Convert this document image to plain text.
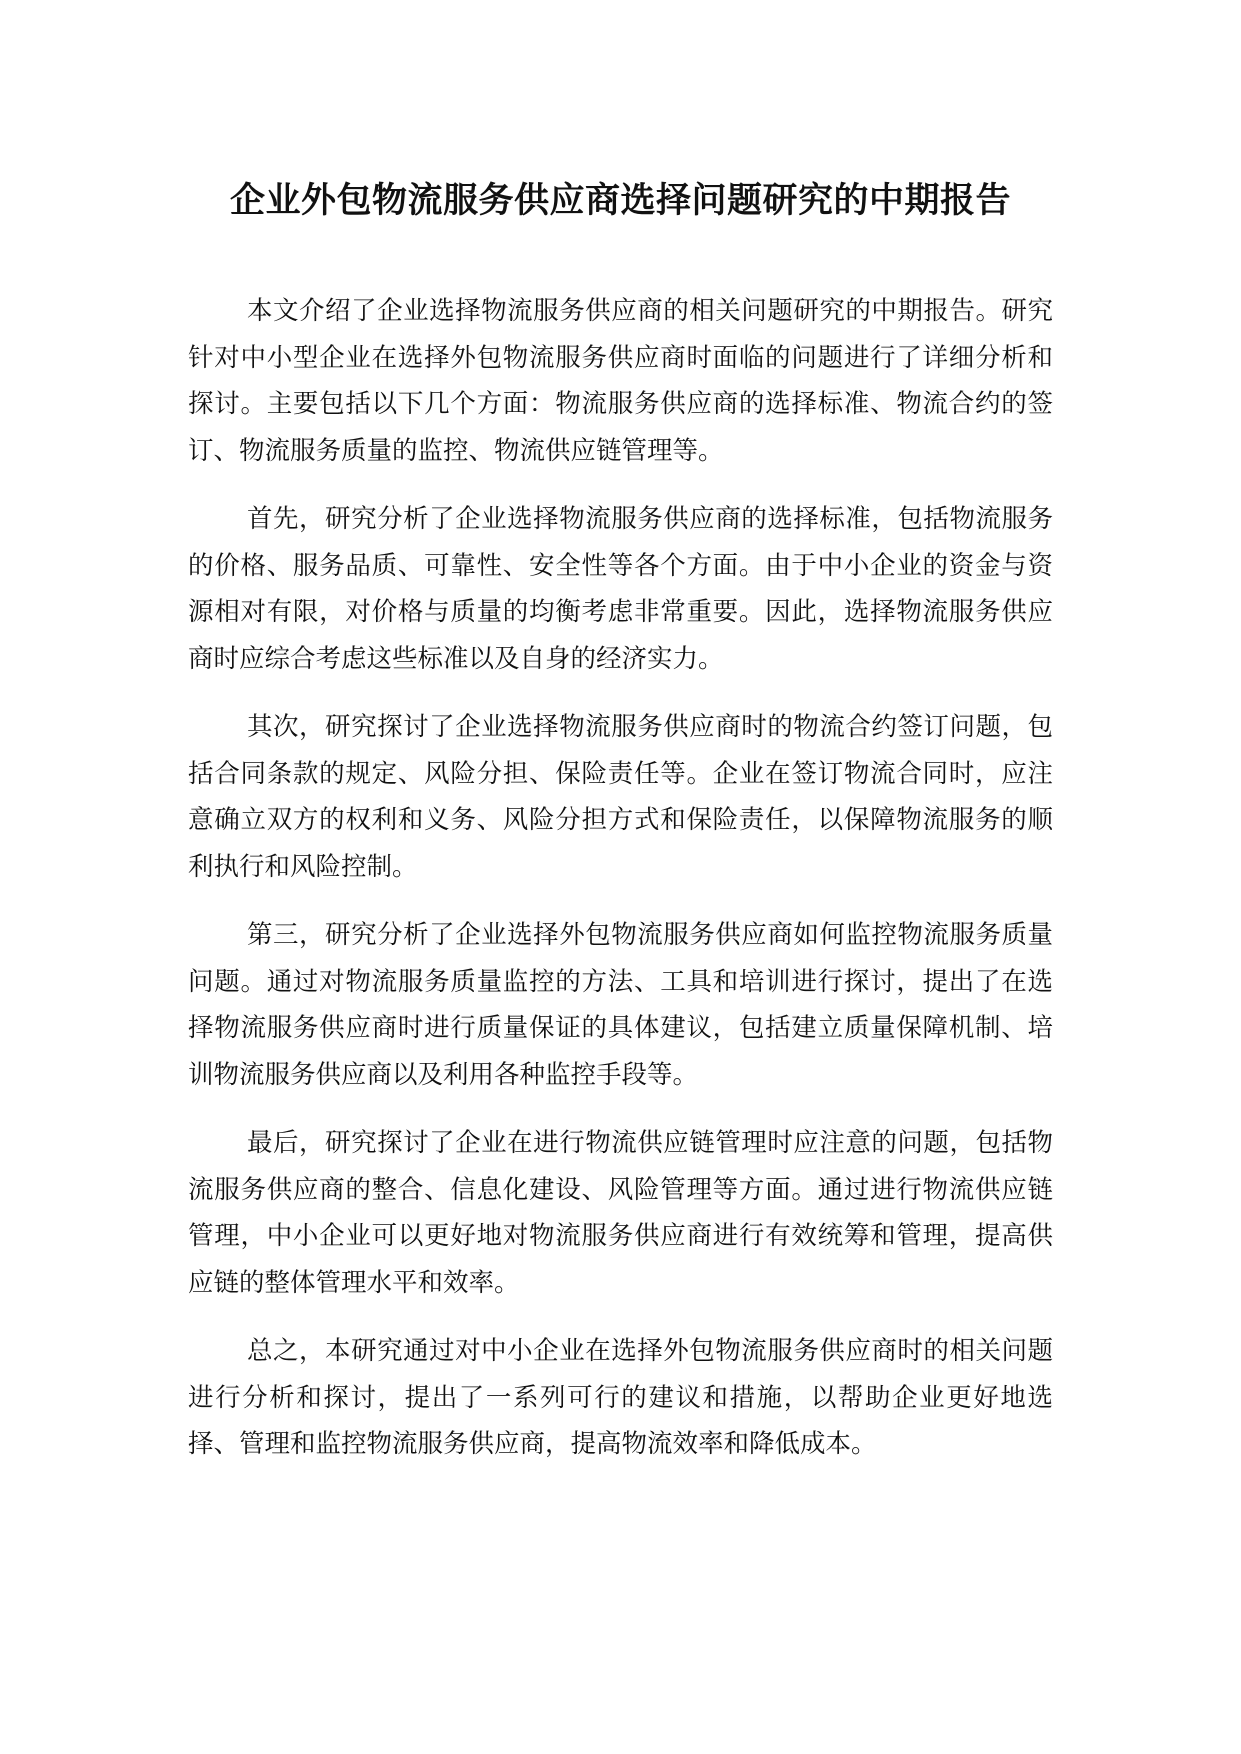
企业外包物流服务供应商选择问题研究的中期报告

本文介绍了企业选择物流服务供应商的相关问题研究的中期报告。研究针对中小型企业在选择外包物流服务供应商时面临的问题进行了详细分析和探讨。主要包括以下几个方面：物流服务供应商的选择标准、物流合约的签订、物流服务质量的监控、物流供应链管理等。

首先，研究分析了企业选择物流服务供应商的选择标准，包括物流服务的价格、服务品质、可靠性、安全性等各个方面。由于中小企业的资金与资源相对有限，对价格与质量的均衡考虑非常重要。因此，选择物流服务供应商时应综合考虑这些标准以及自身的经济实力。

其次，研究探讨了企业选择物流服务供应商时的物流合约签订问题，包括合同条款的规定、风险分担、保险责任等。企业在签订物流合同时，应注意确立双方的权利和义务、风险分担方式和保险责任，以保障物流服务的顺利执行和风险控制。

第三，研究分析了企业选择外包物流服务供应商如何监控物流服务质量问题。通过对物流服务质量监控的方法、工具和培训进行探讨，提出了在选择物流服务供应商时进行质量保证的具体建议，包括建立质量保障机制、培训物流服务供应商以及利用各种监控手段等。

最后，研究探讨了企业在进行物流供应链管理时应注意的问题，包括物流服务供应商的整合、信息化建设、风险管理等方面。通过进行物流供应链管理，中小企业可以更好地对物流服务供应商进行有效统筹和管理，提高供应链的整体管理水平和效率。

总之，本研究通过对中小企业在选择外包物流服务供应商时的相关问题进行分析和探讨，提出了一系列可行的建议和措施，以帮助企业更好地选择、管理和监控物流服务供应商，提高物流效率和降低成本。
